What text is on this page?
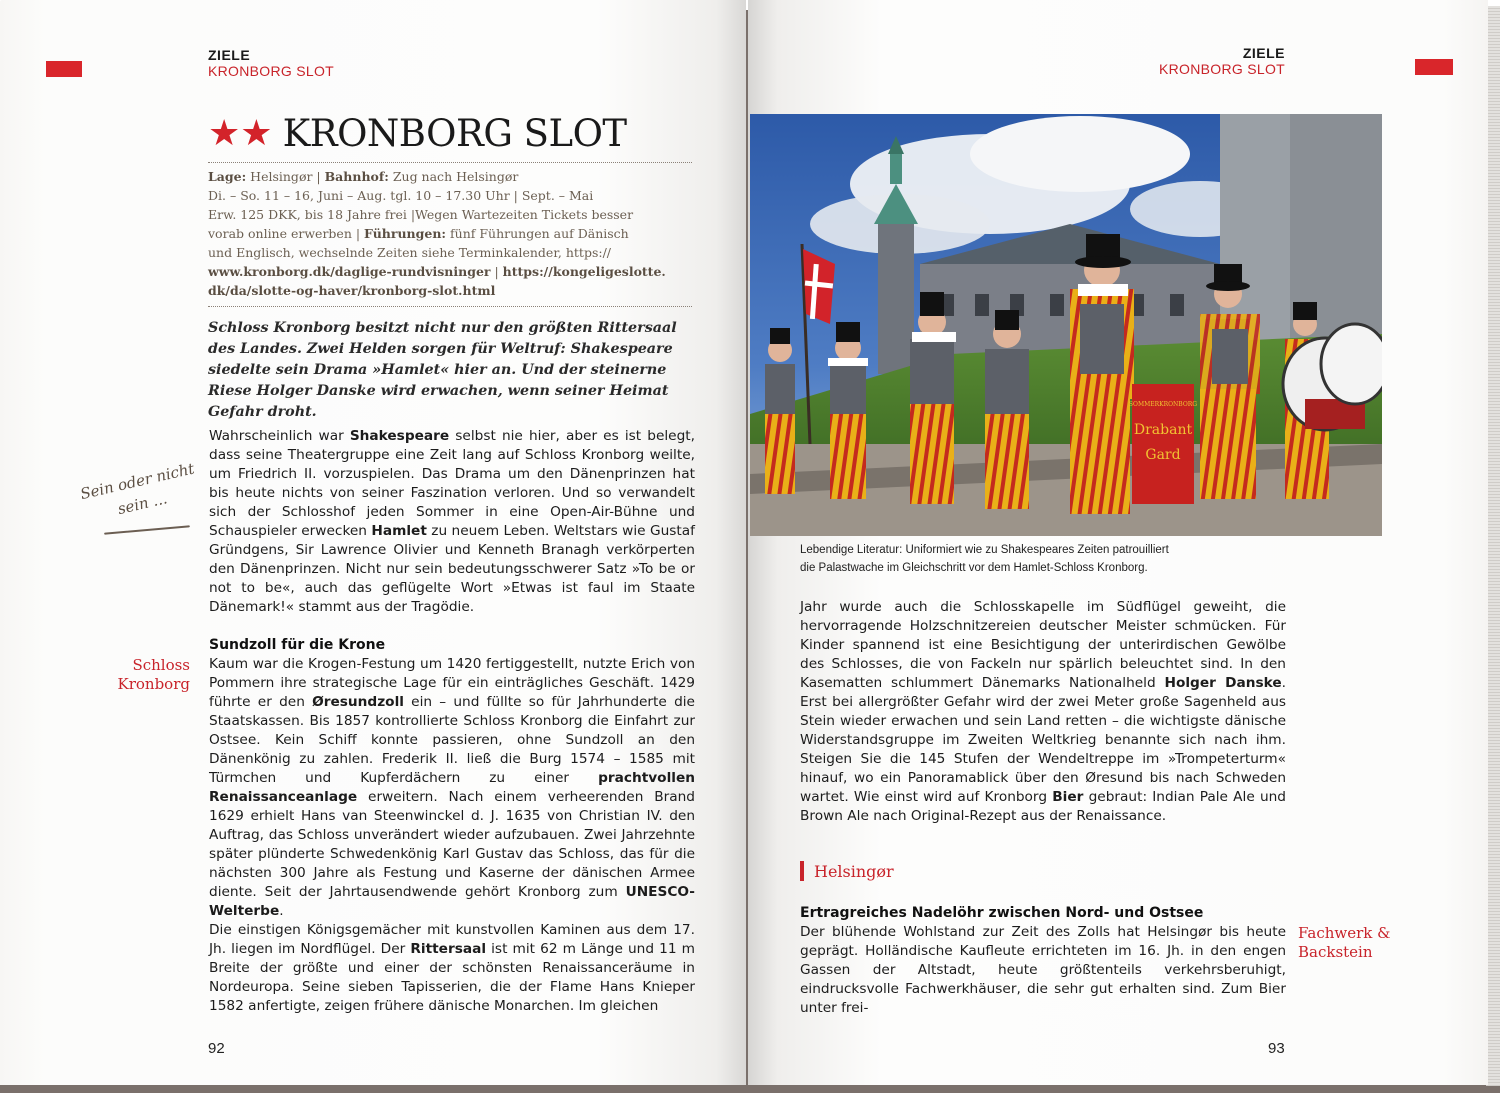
ZIELE
KRONBORG SLOT
★ ★ KRONBORG SLOT
Lage: Helsingør | Bahnhof: Zug nach Helsingør
Di. – So. 11 – 16, Juni – Aug. tgl. 10 – 17.30 Uhr | Sept. – Mai
Erw. 125 DKK, bis 18 Jahre frei |Wegen Wartezeiten Tickets besser
vorab online erwerben | Führungen: fünf Führungen auf Dänisch
und Englisch, wechselnde Zeiten siehe Terminkalender, https://
www.kronborg.dk/daglige-rundvisninger | https://kongeligeslotte.
dk/da/slotte-og-haver/kronborg-slot.html
Schloss Kronborg besitzt nicht nur den größten Rittersaal des Landes. Zwei Helden sorgen für Weltruf: Shakespeare siedelte sein Drama »Hamlet« hier an. Und der steinerne Riese Holger Danske wird erwachen, wenn seiner Heimat Gefahr droht.
Sein oder nicht sein ...
Wahrscheinlich war Shakespeare selbst nie hier, aber es ist belegt, dass seine Theatergruppe eine Zeit lang auf Schloss Kronborg weilte, um Friedrich II. vorzuspielen. Das Drama um den Dänenprinzen hat bis heute nichts von seiner Faszination verloren. Und so verwandelt sich der Schlosshof jeden Sommer in eine Open-Air-Bühne und Schauspieler erwecken Hamlet zu neuem Leben. Weltstars wie Gustaf Gründgens, Sir Lawrence Olivier und Kenneth Branagh verkörperten den Dänenprinzen. Nicht nur sein bedeutungsschwerer Satz »To be or not to be«, auch das geflügelte Wort »Etwas ist faul im Staate Dänemark!« stammt aus der Tragödie.
Sundzoll für die Krone
Schloss
Kronborg
Kaum war die Krogen-Festung um 1420 fertiggestellt, nutzte Erich von Pommern ihre strategische Lage für ein einträgliches Geschäft. 1429 führte er den Øresundzoll ein – und füllte so für Jahrhunderte die Staatskassen. Bis 1857 kontrollierte Schloss Kronborg die Einfahrt zur Ostsee. Kein Schiff konnte passieren, ohne Sundzoll an den Dänenkönig zu zahlen. Frederik II. ließ die Burg 1574 – 1585 mit Türmchen und Kupferdächern zu einer prachtvollen Renaissanceanlage erweitern. Nach einem verheerenden Brand 1629 erhielt Hans van Steenwinckel d. J. 1635 von Christian IV. den Auftrag, das Schloss unverändert wieder aufzubauen. Zwei Jahrzehnte später plünderte Schwedenkönig Karl Gustav das Schloss, das für die nächsten 300 Jahre als Festung und Kaserne der dänischen Armee diente. Seit der Jahrtausendwende gehört Kronborg zum UNESCO-Welterbe.
Die einstigen Königsgemächer mit kunstvollen Kaminen aus dem 17. Jh. liegen im Nordflügel. Der Rittersaal ist mit 62 m Länge und 11 m Breite der größte und einer der schönsten Renaissanceräume in Nordeuropa. Seine sieben Tapisserien, die der Flame Hans Knieper 1582 anfertigte, zeigen frühere dänische Monarchen. Im gleichen
92
ZIELE
KRONBORG SLOT
SOMMERKRONBORG
Drabant
Gard
Lebendige Literatur: Uniformiert wie zu Shakespeares Zeiten patrouilliert
die Palastwache im Gleichschritt vor dem Hamlet-Schloss Kronborg.
Jahr wurde auch die Schlosskapelle im Südflügel geweiht, die hervorragende Holzschnitzereien deutscher Meister schmücken. Für Kinder spannend ist eine Besichtigung der unterirdischen Gewölbe des Schlosses, die von Fackeln nur spärlich beleuchtet sind. In den Kasematten schlummert Dänemarks Nationalheld Holger Danske. Erst bei allergrößter Gefahr wird der zwei Meter große Sagenheld aus Stein wieder erwachen und sein Land retten – die wichtigste dänische Widerstandsgruppe im Zweiten Weltkrieg benannte sich nach ihm. Steigen Sie die 145 Stufen der Wendeltreppe im »Trompeterturm« hinauf, wo ein Panoramablick über den Øresund bis nach Schweden wartet. Wie einst wird auf Kronborg Bier gebraut: Indian Pale Ale und Brown Ale nach Original-Rezept aus der Renaissance.
Helsingør
Ertragreiches Nadelöhr zwischen Nord- und Ostsee
Der blühende Wohlstand zur Zeit des Zolls hat Helsingør bis heute geprägt. Holländische Kaufleute errichteten im 16. Jh. in den engen Gassen der Altstadt, heute größtenteils verkehrsberuhigt, eindrucksvolle Fachwerkhäuser, die sehr gut erhalten sind. Zum Bier unter frei-
Fachwerk &
Backstein
93
